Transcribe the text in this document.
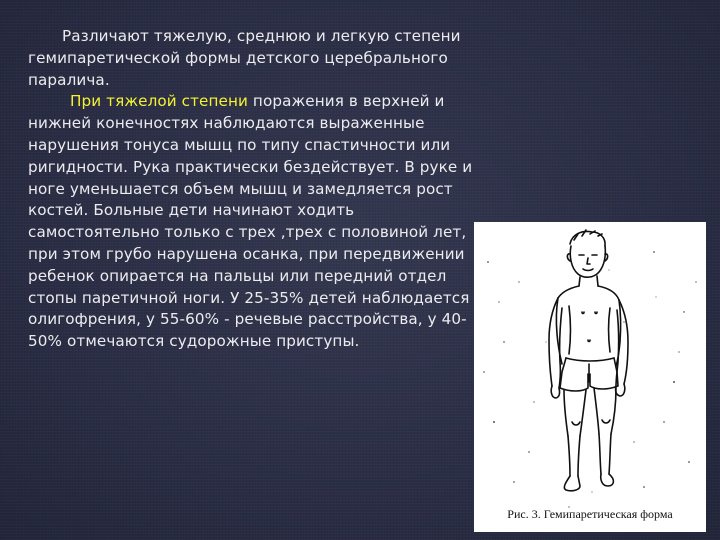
Различают тяжелую, среднюю и легкую степени гемипаретической формы детского церебрального паралича.

При тяжелой степени поражения в верхней и нижней конечностях наблюдаются выраженные нарушения тонуса мышц по типу спастичности или ригидности. Рука практически бездействует. В руке и ноге уменьшается объем мышц и замедляется рост костей. Больные дети начинают ходить самостоятельно только с трех ,трех с половиной лет, при этом грубо нарушена осанка, при передвижении ребенок опирается на пальцы или передний отдел стопы паретичной ноги. У 25-35% детей наблюдается олигофрения, у 55-60% - речевые расстройства, у 40-50% отмечаются судорожные приступы.

Рис. 3. Гемипаретическая форма
